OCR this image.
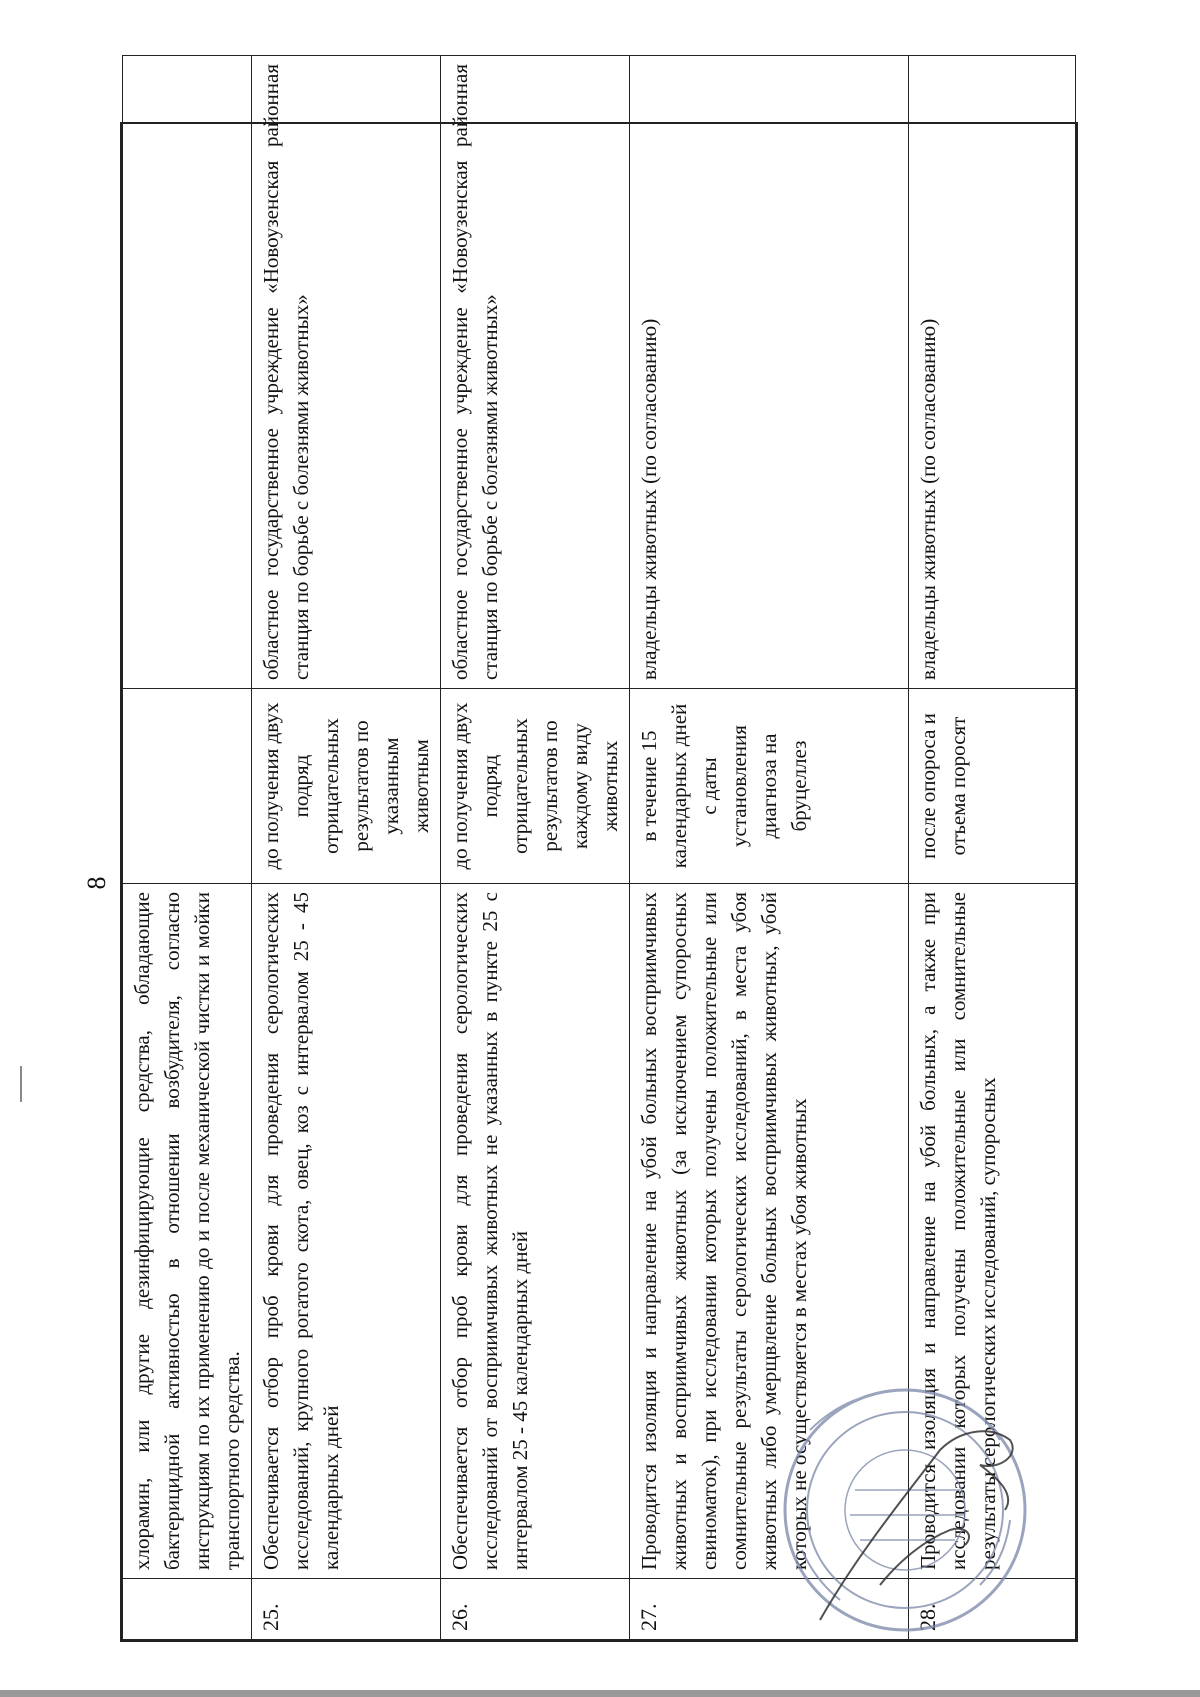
8
	хлорамин, или другие дезинфицирующие средства, обладающие бактерицидной активностью в отношении возбудителя, согласно инструкциям по их применению до и после механической чистки и мойки транспортного средства.		
25.	Обеспечивается отбор проб крови для проведения серологических исследований, крупного рогатого скота, овец, коз с интервалом 25 - 45 календарных дней	до получения двух подряд отрицательных результатов по указанным животным	областное государственное учреждение «Новоузенская районная станция по борьбе с болезнями животных»
26.	Обеспечивается отбор проб крови для проведения серологических исследований от восприимчивых животных не указанных в пункте 25 с интервалом 25 - 45 календарных дней	до получения двух подряд отрицательных результатов по каждому виду животных	областное государственное учреждение «Новоузенская районная станция по борьбе с болезнями животных»
27.	Проводится изоляция и направление на убой больных восприимчивых животных и восприимчивых животных (за исключением супоросных свиноматок), при исследовании которых получены положительные или сомнительные результаты серологических исследований, в места убоя животных либо умерщвление больных восприимчивых животных, убой которых не осуществляется в местах убоя животных	в течение 15 календарных дней с даты установления диагноза на бруцеллез	владельцы животных (по согласованию)
28.	Проводится изоляция и направление на убой больных, а также при исследовании которых получены положительные или сомнительные результаты серологических исследований, супоросных	после опороса и отъема поросят	владельцы животных (по согласованию)
